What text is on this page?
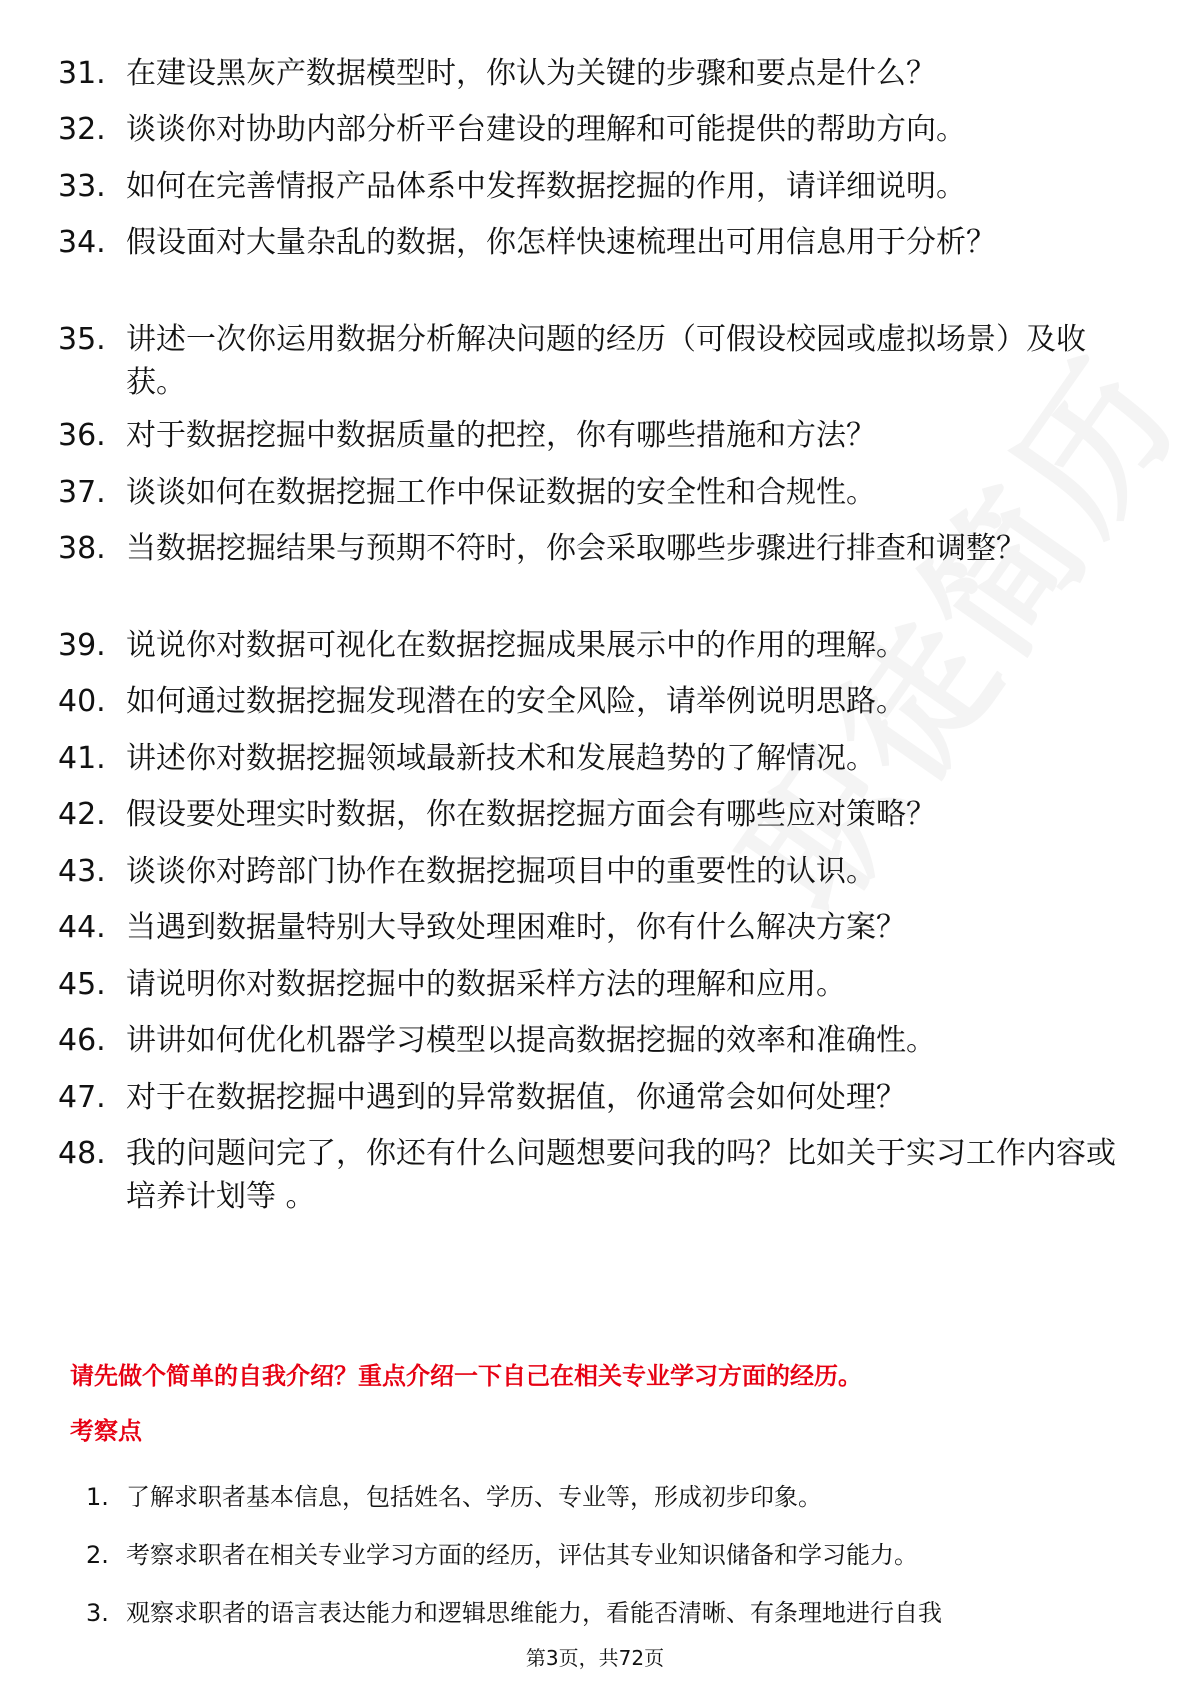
31. 在建设黑灰产数据模型时，你认为关键的步骤和要点是什么？
32. 谈谈你对协助内部分析平台建设的理解和可能提供的帮助方向。
33. 如何在完善情报产品体系中发挥数据挖掘的作用，请详细说明。
34. 假设面对大量杂乱的数据，你怎样快速梳理出可用信息用于分析？
35. 讲述一次你运用数据分析解决问题的经历（可假设校园或虚拟场景）及收获。
36. 对于数据挖掘中数据质量的把控，你有哪些措施和方法？
37. 谈谈如何在数据挖掘工作中保证数据的安全性和合规性。
38. 当数据挖掘结果与预期不符时，你会采取哪些步骤进行排查和调整？
39. 说说你对数据可视化在数据挖掘成果展示中的作用的理解。
40. 如何通过数据挖掘发现潜在的安全风险，请举例说明思路。
41. 讲述你对数据挖掘领域最新技术和发展趋势的了解情况。
42. 假设要处理实时数据，你在数据挖掘方面会有哪些应对策略？
43. 谈谈你对跨部门协作在数据挖掘项目中的重要性的认识。
44. 当遇到数据量特别大导致处理困难时，你有什么解决方案？
45. 请说明你对数据挖掘中的数据采样方法的理解和应用。
46. 讲讲如何优化机器学习模型以提高数据挖掘的效率和准确性。
47. 对于在数据挖掘中遇到的异常数据值，你通常会如何处理？
48. 我的问题问完了，你还有什么问题想要问我的吗？比如关于实习工作内容或培养计划等 。
请先做个简单的自我介绍？重点介绍一下自己在相关专业学习方面的经历。
考察点
1. 了解求职者基本信息，包括姓名、学历、专业等，形成初步印象。
2. 考察求职者在相关专业学习方面的经历，评估其专业知识储备和学习能力。
3. 观察求职者的语言表达能力和逻辑思维能力，看能否清晰、有条理地进行自我
第3页，共72页
